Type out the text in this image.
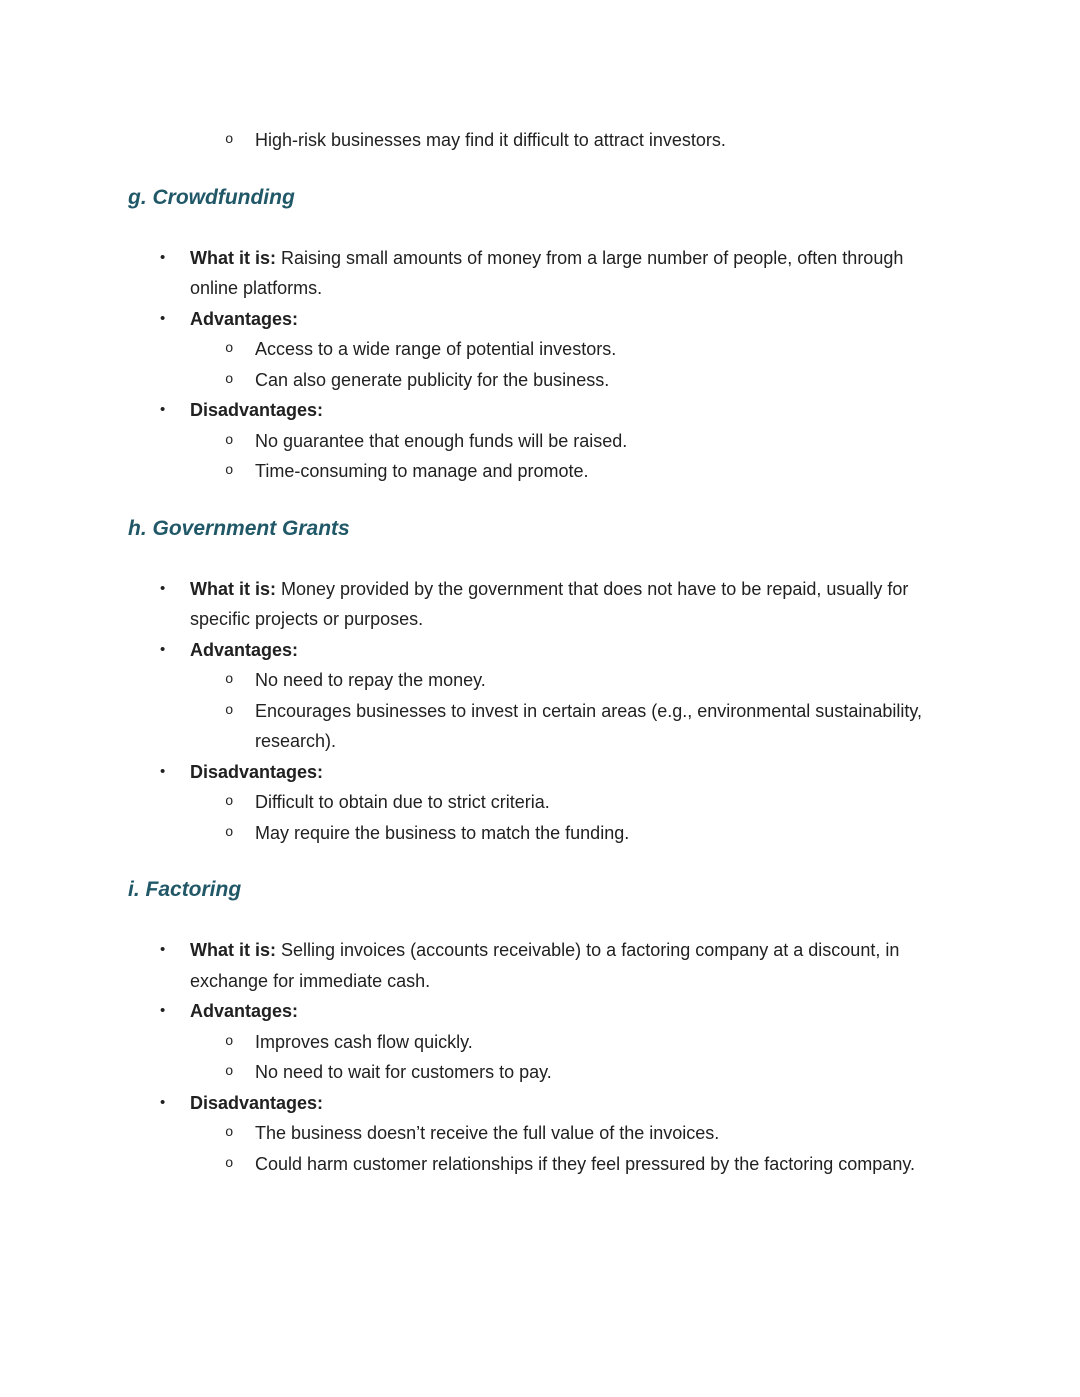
o	High-risk businesses may find it difficult to attract investors.
g. Crowdfunding
•	What it is: Raising small amounts of money from a large number of people, often through online platforms.
•	Advantages:
o	Access to a wide range of potential investors.
o	Can also generate publicity for the business.
•	Disadvantages:
o	No guarantee that enough funds will be raised.
o	Time-consuming to manage and promote.
h. Government Grants
•	What it is: Money provided by the government that does not have to be repaid, usually for specific projects or purposes.
•	Advantages:
o	No need to repay the money.
o	Encourages businesses to invest in certain areas (e.g., environmental sustainability, research).
•	Disadvantages:
o	Difficult to obtain due to strict criteria.
o	May require the business to match the funding.
i. Factoring
•	What it is: Selling invoices (accounts receivable) to a factoring company at a discount, in exchange for immediate cash.
•	Advantages:
o	Improves cash flow quickly.
o	No need to wait for customers to pay.
•	Disadvantages:
o	The business doesn’t receive the full value of the invoices.
o	Could harm customer relationships if they feel pressured by the factoring company.
